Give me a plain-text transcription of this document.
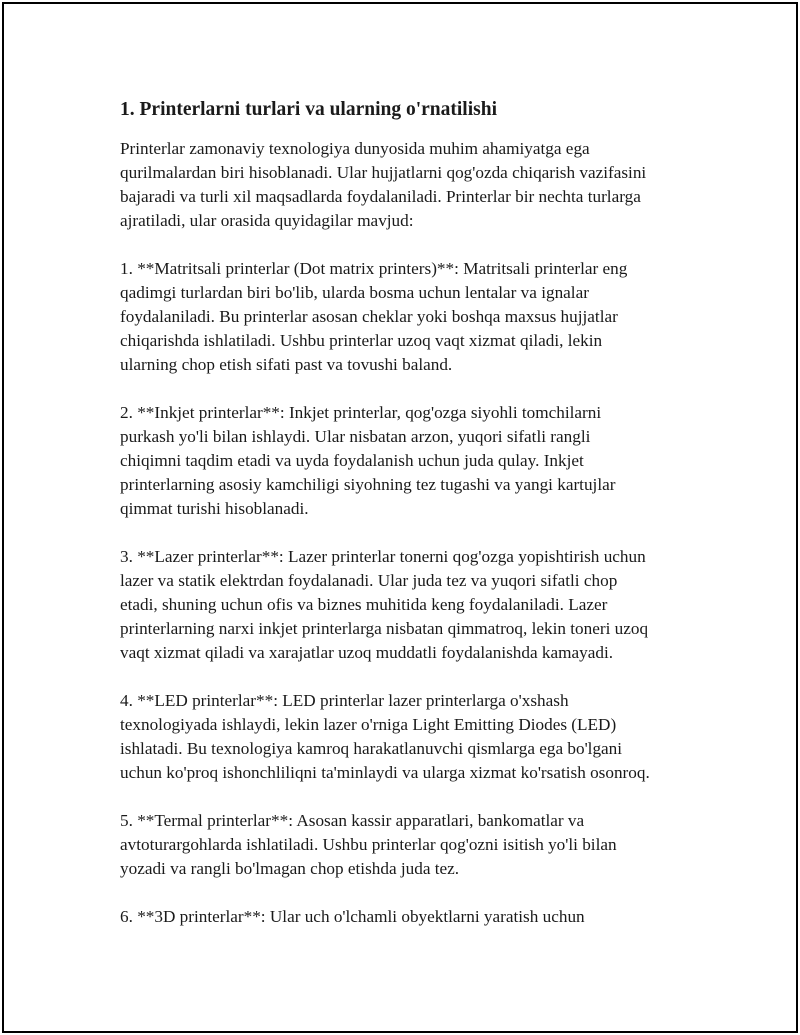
1. Printerlarni turlari va ularning o'rnatilishi

Printerlar zamonaviy texnologiya dunyosida muhim ahamiyatga ega
qurilmalardan biri hisoblanadi. Ular hujjatlarni qog'ozda chiqarish vazifasini
bajaradi va turli xil maqsadlarda foydalaniladi. Printerlar bir nechta turlarga
ajratiladi, ular orasida quyidagilar mavjud:

1. **Matritsali printerlar (Dot matrix printers)**: Matritsali printerlar eng
qadimgi turlardan biri bo'lib, ularda bosma uchun lentalar va ignalar
foydalaniladi. Bu printerlar asosan cheklar yoki boshqa maxsus hujjatlar
chiqarishda ishlatiladi. Ushbu printerlar uzoq vaqt xizmat qiladi, lekin
ularning chop etish sifati past va tovushi baland.

2. **Inkjet printerlar**: Inkjet printerlar, qog'ozga siyohli tomchilarni
purkash yo'li bilan ishlaydi. Ular nisbatan arzon, yuqori sifatli rangli
chiqimni taqdim etadi va uyda foydalanish uchun juda qulay. Inkjet
printerlarning asosiy kamchiligi siyohning tez tugashi va yangi kartujlar
qimmat turishi hisoblanadi.

3. **Lazer printerlar**: Lazer printerlar tonerni qog'ozga yopishtirish uchun
lazer va statik elektrdan foydalanadi. Ular juda tez va yuqori sifatli chop
etadi, shuning uchun ofis va biznes muhitida keng foydalaniladi. Lazer
printerlarning narxi inkjet printerlarga nisbatan qimmatroq, lekin toneri uzoq
vaqt xizmat qiladi va xarajatlar uzoq muddatli foydalanishda kamayadi.

4. **LED printerlar**: LED printerlar lazer printerlarga o'xshash
texnologiyada ishlaydi, lekin lazer o'rniga Light Emitting Diodes (LED)
ishlatadi. Bu texnologiya kamroq harakatlanuvchi qismlarga ega bo'lgani
uchun ko'proq ishonchliliqni ta'minlaydi va ularga xizmat ko'rsatish osonroq.

5. **Termal printerlar**: Asosan kassir apparatlari, bankomatlar va
avtoturargohlarda ishlatiladi. Ushbu printerlar qog'ozni isitish yo'li bilan
yozadi va rangli bo'lmagan chop etishda juda tez.

6. **3D printerlar**: Ular uch o'lchamli obyektlarni yaratish uchun
